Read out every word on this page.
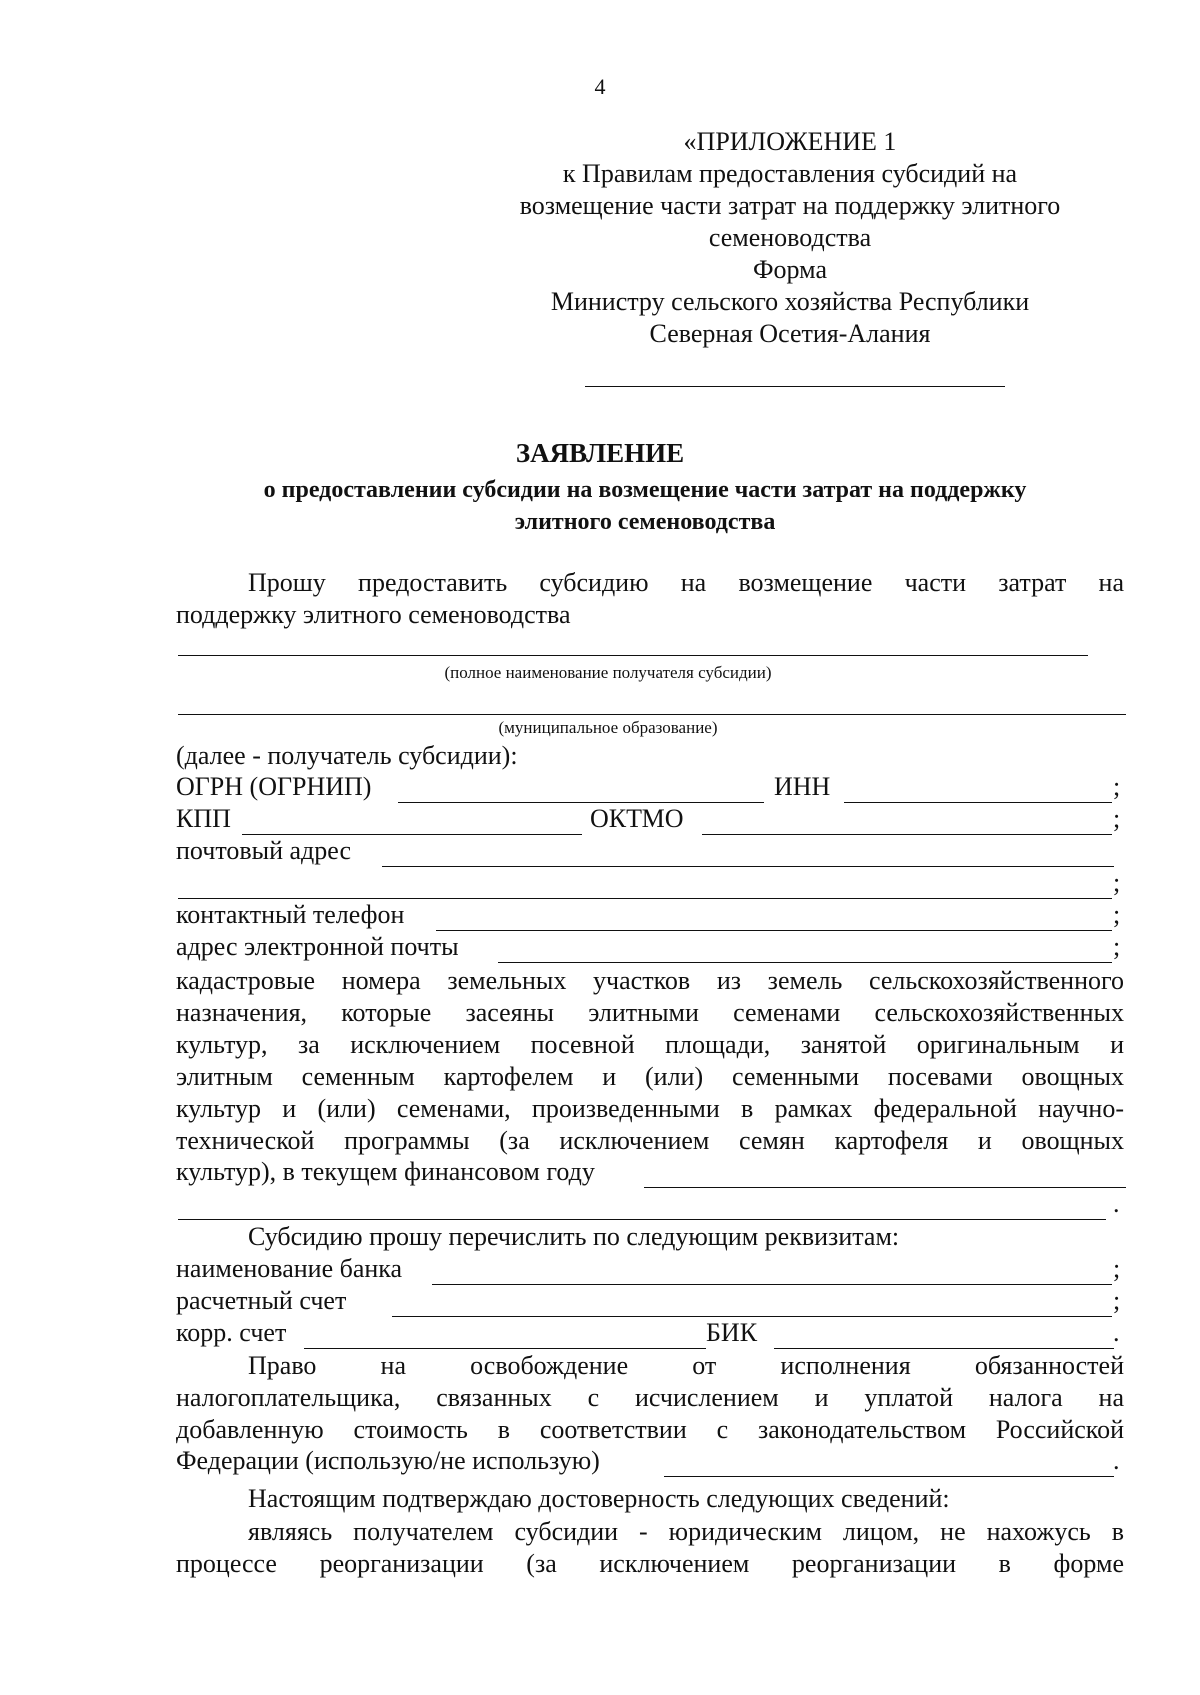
4
«ПРИЛОЖЕНИЕ 1
к Правилам предоставления субсидий на
возмещение части затрат на поддержку элитного
семеноводства
Форма
Министру сельского хозяйства Республики
Северная Осетия-Алания
ЗАЯВЛЕНИЕ
о предоставлении субсидии на возмещение части затрат на поддержку
элитного семеноводства
Прошу предоставить субсидию на возмещение части затрат на
поддержку элитного семеноводства
(полное наименование получателя субсидии)
(муниципальное образование)
(далее - получатель субсидии):
ОГРН (ОГРНИП)	ИНН	;
КПП	ОКТМО	;
почтовый адрес
;
контактный телефон	;
адрес электронной почты	;
кадастровые номера земельных участков из земель сельскохозяйственного
назначения, которые засеяны элитными семенами сельскохозяйственных
культур, за исключением посевной площади, занятой оригинальным и
элитным семенным картофелем и (или) семенными посевами овощных
культур и (или) семенами, произведенными в рамках федеральной научно-
технической программы (за исключением семян картофеля и овощных
культур), в текущем финансовом году
.
Субсидию прошу перечислить по следующим реквизитам:
наименование банка	;
расчетный счет	;
корр. счет	БИК	.
Право на освобождение от исполнения обязанностей
налогоплательщика, связанных с исчислением и уплатой налога на
добавленную стоимость в соответствии с законодательством Российской
Федерации (использую/не использую)	.
Настоящим подтверждаю достоверность следующих сведений:
являясь получателем субсидии - юридическим лицом, не нахожусь в
процессе реорганизации (за исключением реорганизации в форме
